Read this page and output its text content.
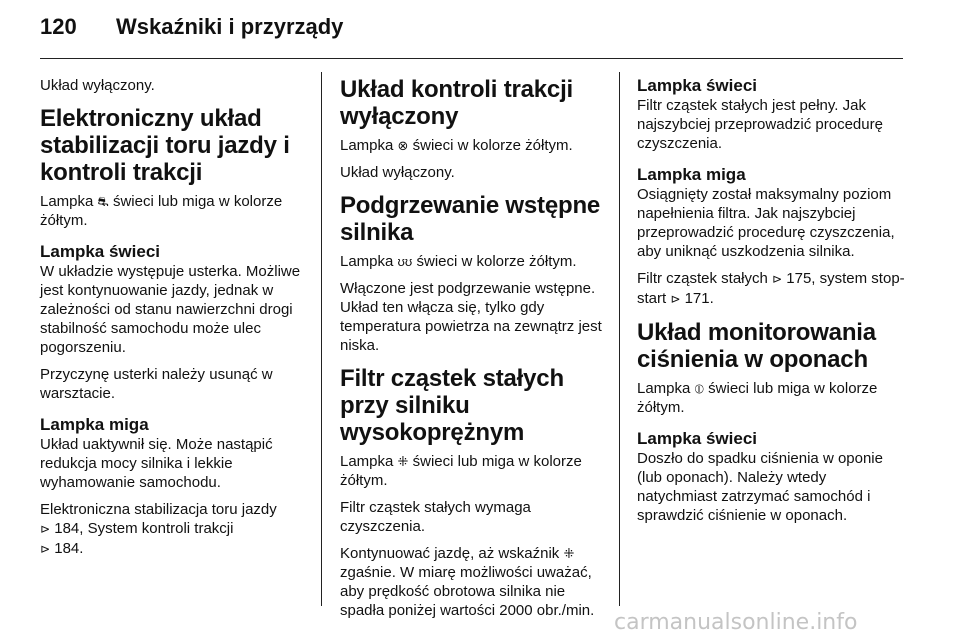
120 Wskaźniki i przyrządy

Układ wyłączony.

Elektroniczny układ stabilizacji toru jazdy i kontroli trakcji

Lampka ⛐ świeci lub miga w kolorze żółtym.

Lampka świeci

W układzie występuje usterka. Możliwe jest kontynuowanie jazdy, jednak w zależności od stanu nawierzchni drogi stabilność samochodu może ulec pogorszeniu.

Przyczynę usterki należy usunąć w warsztacie.

Lampka miga

Układ uaktywnił się. Może nastąpić redukcja mocy silnika i lekkie wyhamowanie samochodu.

Elektroniczna stabilizacja toru jazdy
⊳ 184, System kontroli trakcji
⊳ 184.

Układ kontroli trakcji wyłączony

Lampka ⊗ świeci w kolorze żółtym.

Układ wyłączony.

Podgrzewanie wstępne silnika

Lampka ʊʊ świeci w kolorze żółtym.

Włączone jest podgrzewanie wstępne. Układ ten włącza się, tylko gdy temperatura powietrza na zewnątrz jest niska.

Filtr cząstek stałych przy silniku wysokoprężnym

Lampka ⁜ świeci lub miga w kolorze żółtym.

Filtr cząstek stałych wymaga czyszczenia.

Kontynuować jazdę, aż wskaźnik ⁜ zgaśnie. W miarę możliwości uważać, aby prędkość obrotowa silnika nie spadła poniżej wartości 2000 obr./min.

Lampka świeci

Filtr cząstek stałych jest pełny. Jak najszybciej przeprowadzić procedurę czyszczenia.

Lampka miga

Osiągnięty został maksymalny poziom napełnienia filtra. Jak najszybciej przeprowadzić procedurę czyszczenia, aby uniknąć uszkodzenia silnika.

Filtr cząstek stałych ⊳ 175, system stop-start ⊳ 171.

Układ monitorowania ciśnienia w oponach

Lampka ⦶ świeci lub miga w kolorze żółtym.

Lampka świeci

Doszło do spadku ciśnienia w oponie (lub oponach). Należy wtedy natychmiast zatrzymać samochód i sprawdzić ciśnienie w oponach.

carmanualsonline.info
